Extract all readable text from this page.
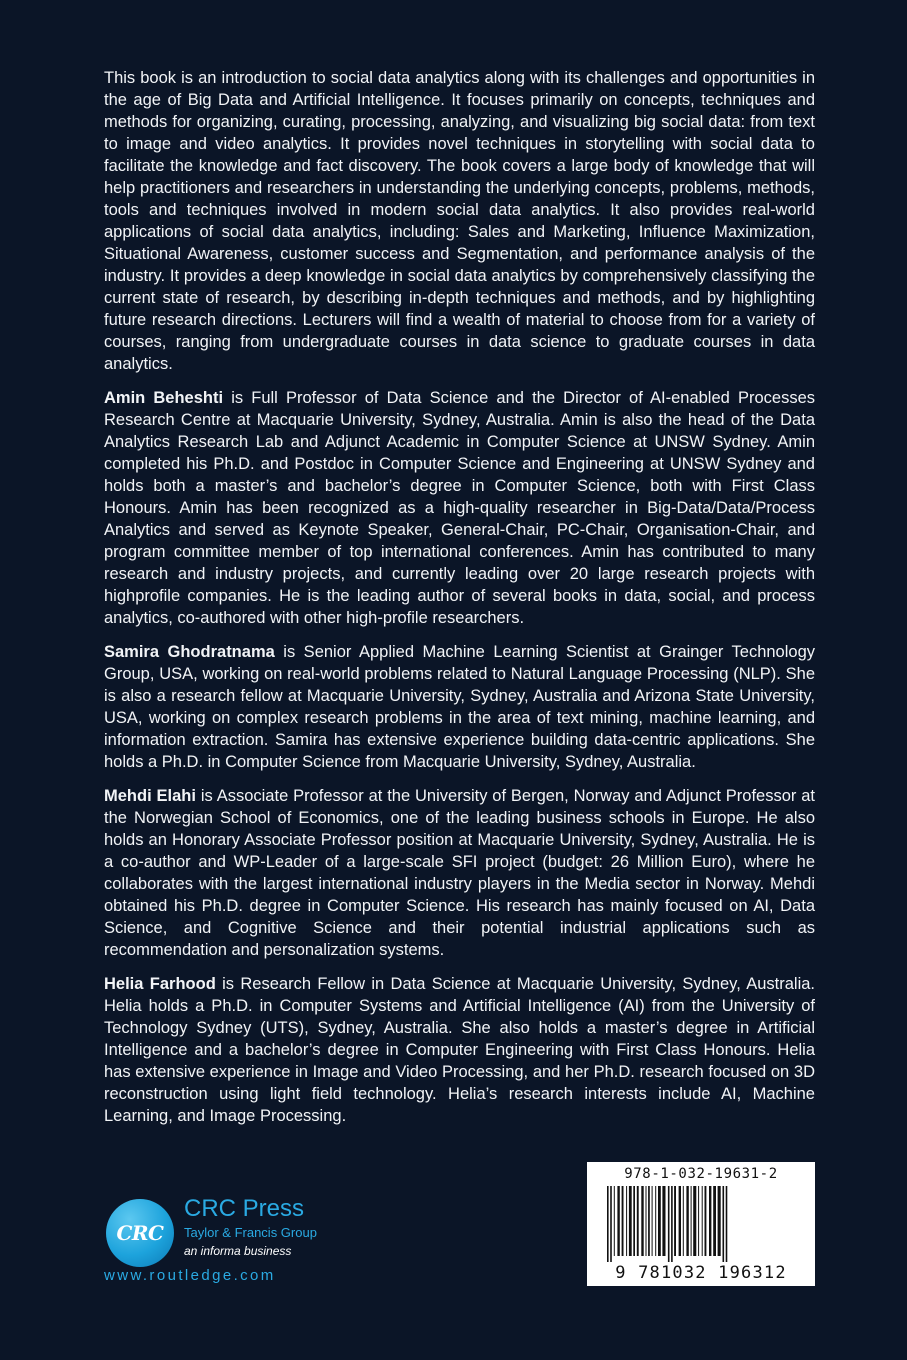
This book is an introduction to social data analytics along with its challenges and opportunities in the age of Big Data and Artificial Intelligence. It focuses primarily on concepts, techniques and methods for organizing, curating, processing, analyzing, and visualizing big social data: from text to image and video analytics. It provides novel techniques in storytelling with social data to facilitate the knowledge and fact discovery. The book covers a large body of knowledge that will help practitioners and researchers in understanding the underlying concepts, problems, methods, tools and techniques involved in modern social data analytics. It also provides real-world applications of social data analytics, including: Sales and Marketing, Influence Maximization, Situational Awareness, customer success and Segmentation, and performance analysis of the industry. It provides a deep knowledge in social data analytics by comprehensively classifying the current state of research, by describing in-depth techniques and methods, and by highlighting future research directions. Lecturers will find a wealth of material to choose from for a variety of courses, ranging from undergraduate courses in data science to graduate courses in data analytics.

Amin Beheshti is Full Professor of Data Science and the Director of AI-enabled Processes Research Centre at Macquarie University, Sydney, Australia. Amin is also the head of the Data Analytics Research Lab and Adjunct Academic in Computer Science at UNSW Sydney. Amin completed his Ph.D. and Postdoc in Computer Science and Engineering at UNSW Sydney and holds both a master’s and bachelor’s degree in Computer Science, both with First Class Honours. Amin has been recognized as a high-quality researcher in Big-Data/Data/Process Analytics and served as Keynote Speaker, General-Chair, PC-Chair, Organisation-Chair, and program committee member of top international conferences. Amin has contributed to many research and industry projects, and currently leading over 20 large research projects with highprofile companies. He is the leading author of several books in data, social, and process analytics, co-authored with other high-profile researchers.

Samira Ghodratnama is Senior Applied Machine Learning Scientist at Grainger Technology Group, USA, working on real-world problems related to Natural Language Processing (NLP). She is also a research fellow at Macquarie University, Sydney, Australia and Arizona State University, USA, working on complex research problems in the area of text mining, machine learning, and information extraction. Samira has extensive experience building data-centric applications. She holds a Ph.D. in Computer Science from Macquarie University, Sydney, Australia.

Mehdi Elahi is Associate Professor at the University of Bergen, Norway and Adjunct Professor at the Norwegian School of Economics, one of the leading business schools in Europe. He also holds an Honorary Associate Professor position at Macquarie University, Sydney, Australia. He is a co-author and WP-Leader of a large-scale SFI project (budget: 26 Million Euro), where he collaborates with the largest international industry players in the Media sector in Norway. Mehdi obtained his Ph.D. degree in Computer Science. His research has mainly focused on AI, Data Science, and Cognitive Science and their potential industrial applications such as recommendation and personalization systems.

Helia Farhood is Research Fellow in Data Science at Macquarie University, Sydney, Australia. Helia holds a Ph.D. in Computer Systems and Artificial Intelligence (AI) from the University of Technology Sydney (UTS), Sydney, Australia. She also holds a master’s degree in Artificial Intelligence and a bachelor’s degree in Computer Engineering with First Class Honours. Helia has extensive experience in Image and Video Processing, and her Ph.D. research focused on 3D reconstruction using light field technology. Helia’s research interests include AI, Machine Learning, and Image Processing.

CRC
CRC Press
Taylor & Francis Group
an informa business
www.routledge.com
978-1-032-19631-2
9 781032 196312
